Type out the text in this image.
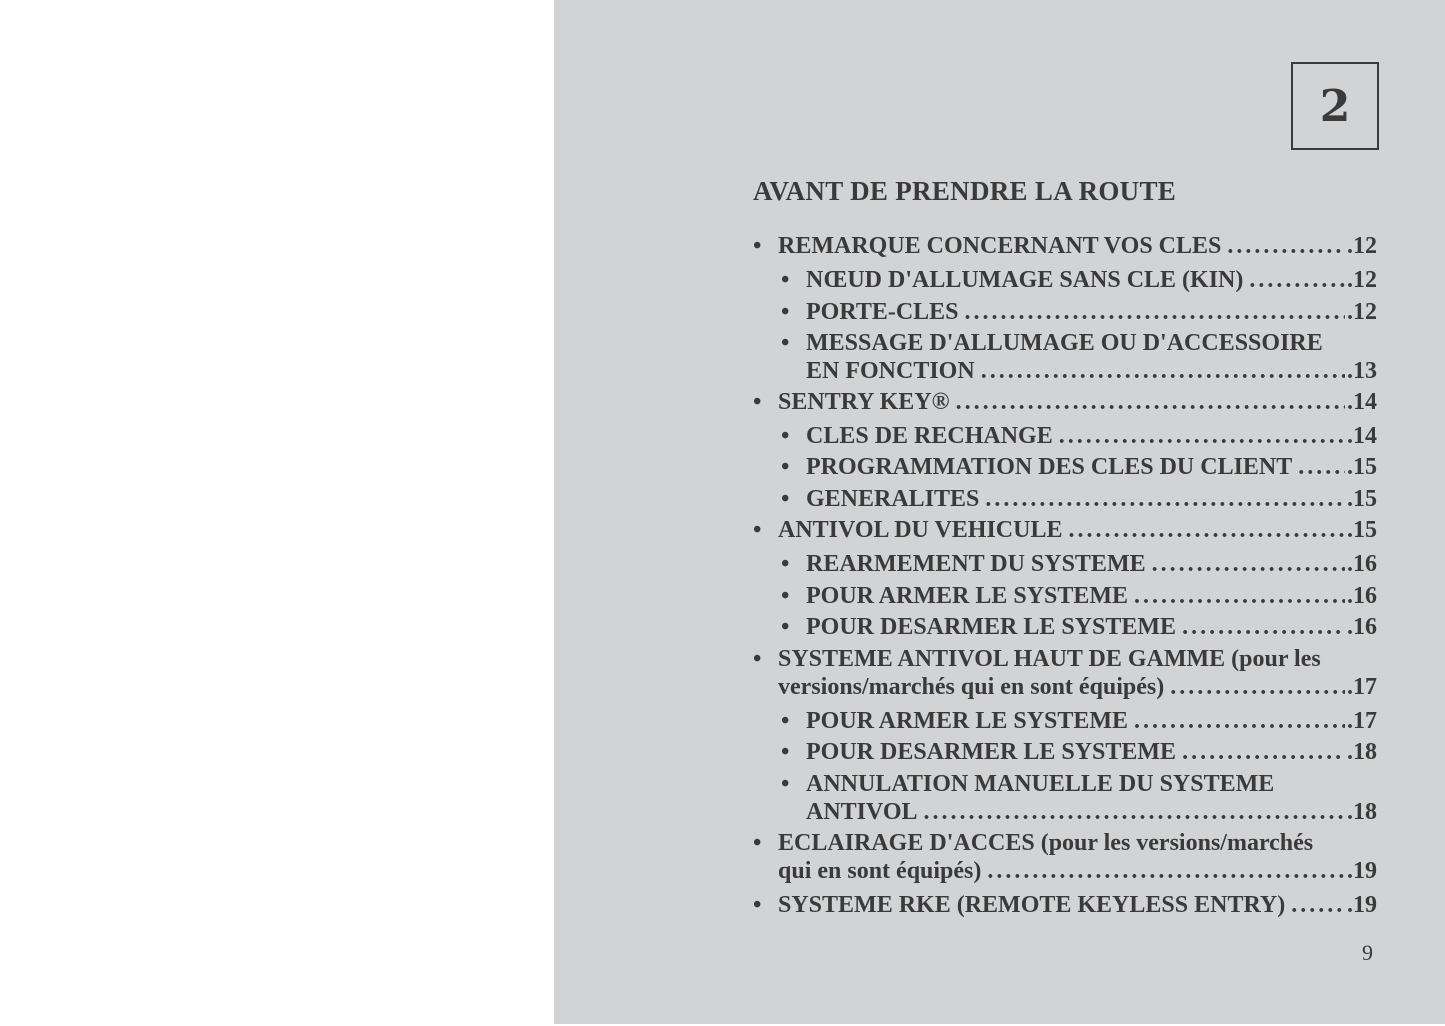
2
AVANT DE PRENDRE LA ROUTE
• REMARQUE CONCERNANT VOS CLES .....	.12
• NŒUD D'ALLUMAGE SANS CLE (KIN) .....	.12
• PORTE-CLES .....	.12
• MESSAGE D'ALLUMAGE OU D'ACCESSOIRE
EN FONCTION .....	.13
• SENTRY KEY® .....	.14
• CLES DE RECHANGE .....	.14
• PROGRAMMATION DES CLES DU CLIENT ..... .15
• GENERALITES .....	.15
• ANTIVOL DU VEHICULE .....	.15
• REARMEMENT DU SYSTEME .....	.16
• POUR ARMER LE SYSTEME .....	.16
• POUR DESARMER LE SYSTEME .....	.16
• SYSTEME ANTIVOL HAUT DE GAMME (pour les
versions/marchés qui en sont équipés) .....	.17
• POUR ARMER LE SYSTEME .....	.17
• POUR DESARMER LE SYSTEME .....	.18
• ANNULATION MANUELLE DU SYSTEME
ANTIVOL .....	.18
• ECLAIRAGE D'ACCES (pour les versions/marchés
qui en sont équipés) .....	.19
• SYSTEME RKE (REMOTE KEYLESS ENTRY) .....	.19
9
